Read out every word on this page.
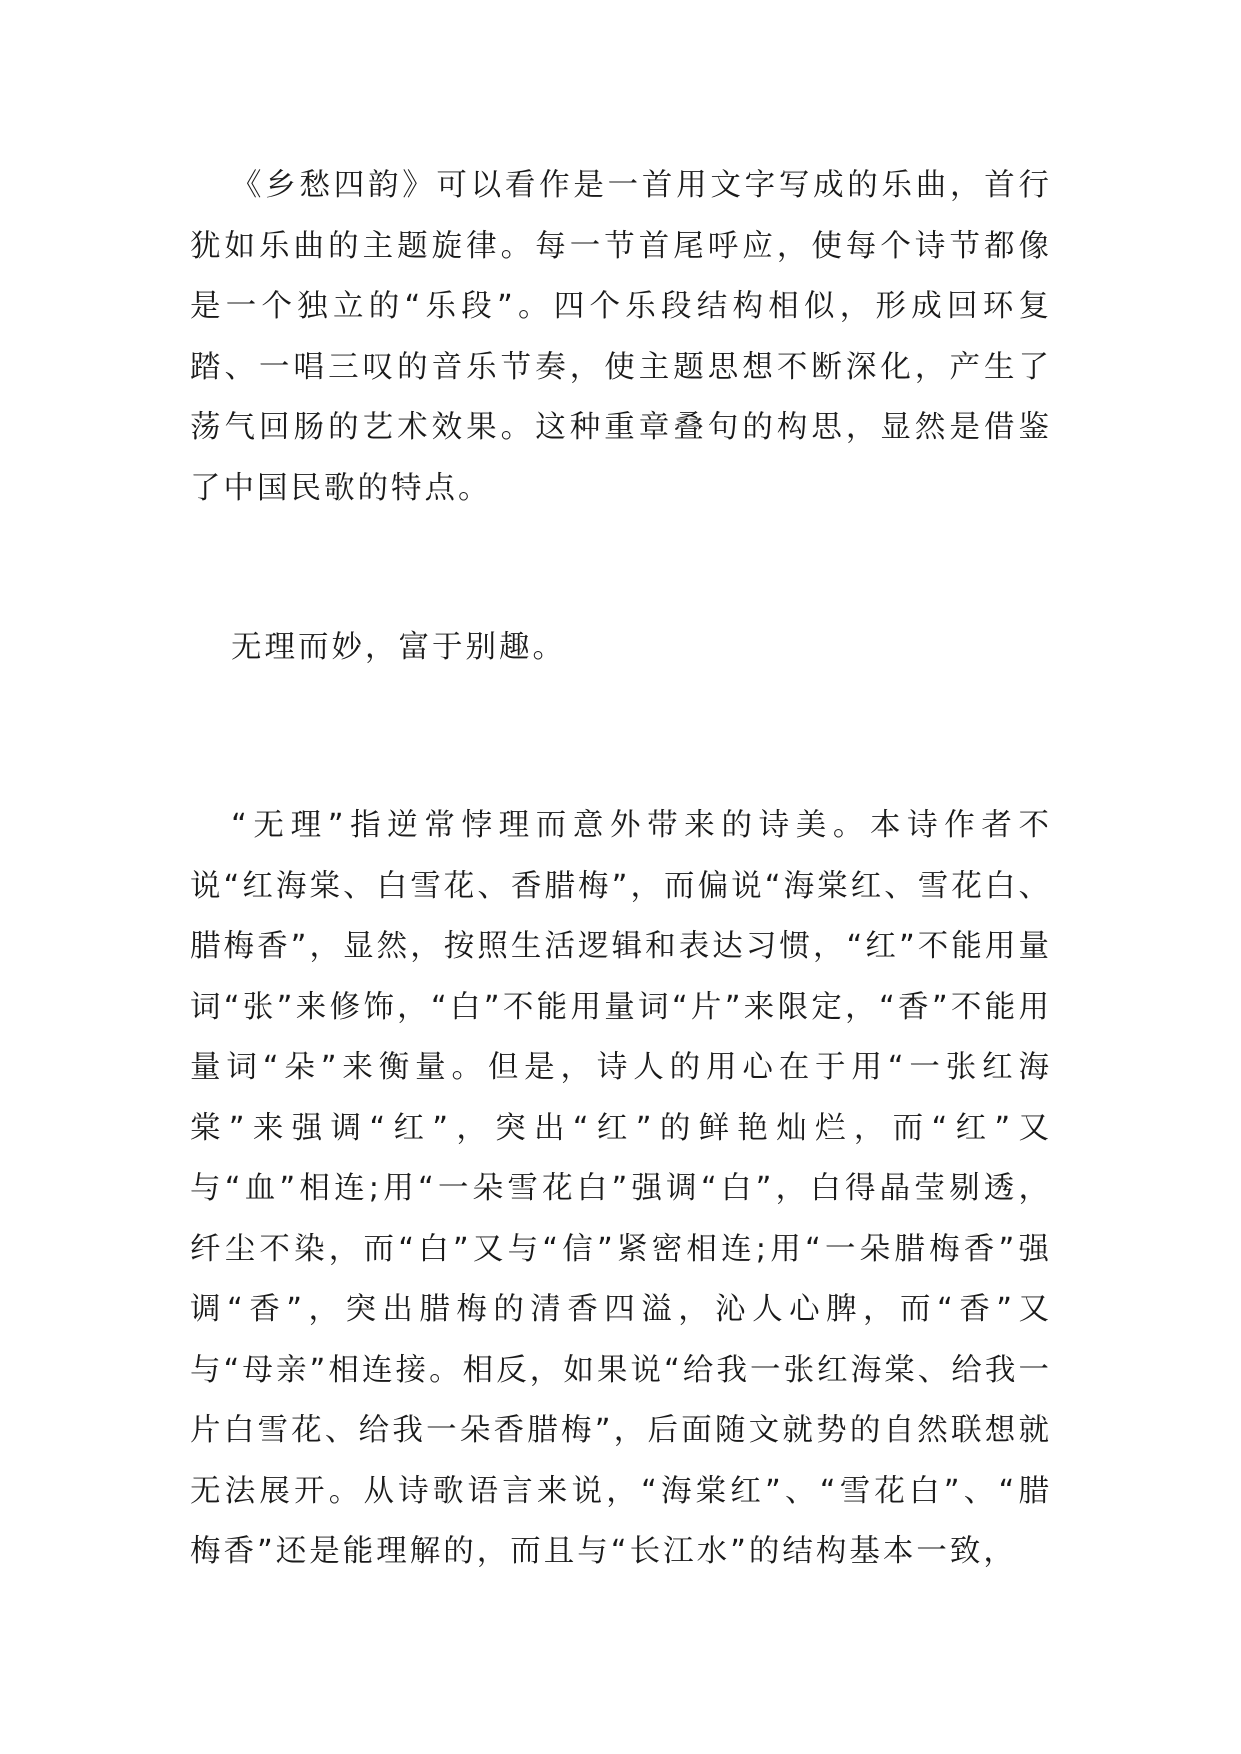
《乡愁四韵》可以看作是一首用文字写成的乐曲，首行犹如乐曲的主题旋律。每一节首尾呼应，使每个诗节都像是一个独立的“乐段”。四个乐段结构相似，形成回环复踏、一唱三叹的音乐节奏，使主题思想不断深化，产生了荡气回肠的艺术效果。这种重章叠句的构思，显然是借鉴了中国民歌的特点。

无理而妙，富于别趣。

“无理”指逆常悖理而意外带来的诗美。本诗作者不说“红海棠、白雪花、香腊梅”，而偏说“海棠红、雪花白、腊梅香”，显然，按照生活逻辑和表达习惯，“红”不能用量词“张”来修饰，“白”不能用量词“片”来限定，“香”不能用量词“朵”来衡量。但是，诗人的用心在于用“一张红海棠”来强调“红”，突出“红”的鲜艳灿烂，而“红”又与“血”相连;用“一朵雪花白”强调“白”，白得晶莹剔透，纤尘不染，而“白”又与“信”紧密相连;用“一朵腊梅香”强调“香”，突出腊梅的清香四溢，沁人心脾，而“香”又与“母亲”相连接。相反，如果说“给我一张红海棠、给我一片白雪花、给我一朵香腊梅”，后面随文就势的自然联想就无法展开。从诗歌语言来说，“海棠红”、“雪花白”、“腊梅香”还是能理解的，而且与“长江水”的结构基本一致，
